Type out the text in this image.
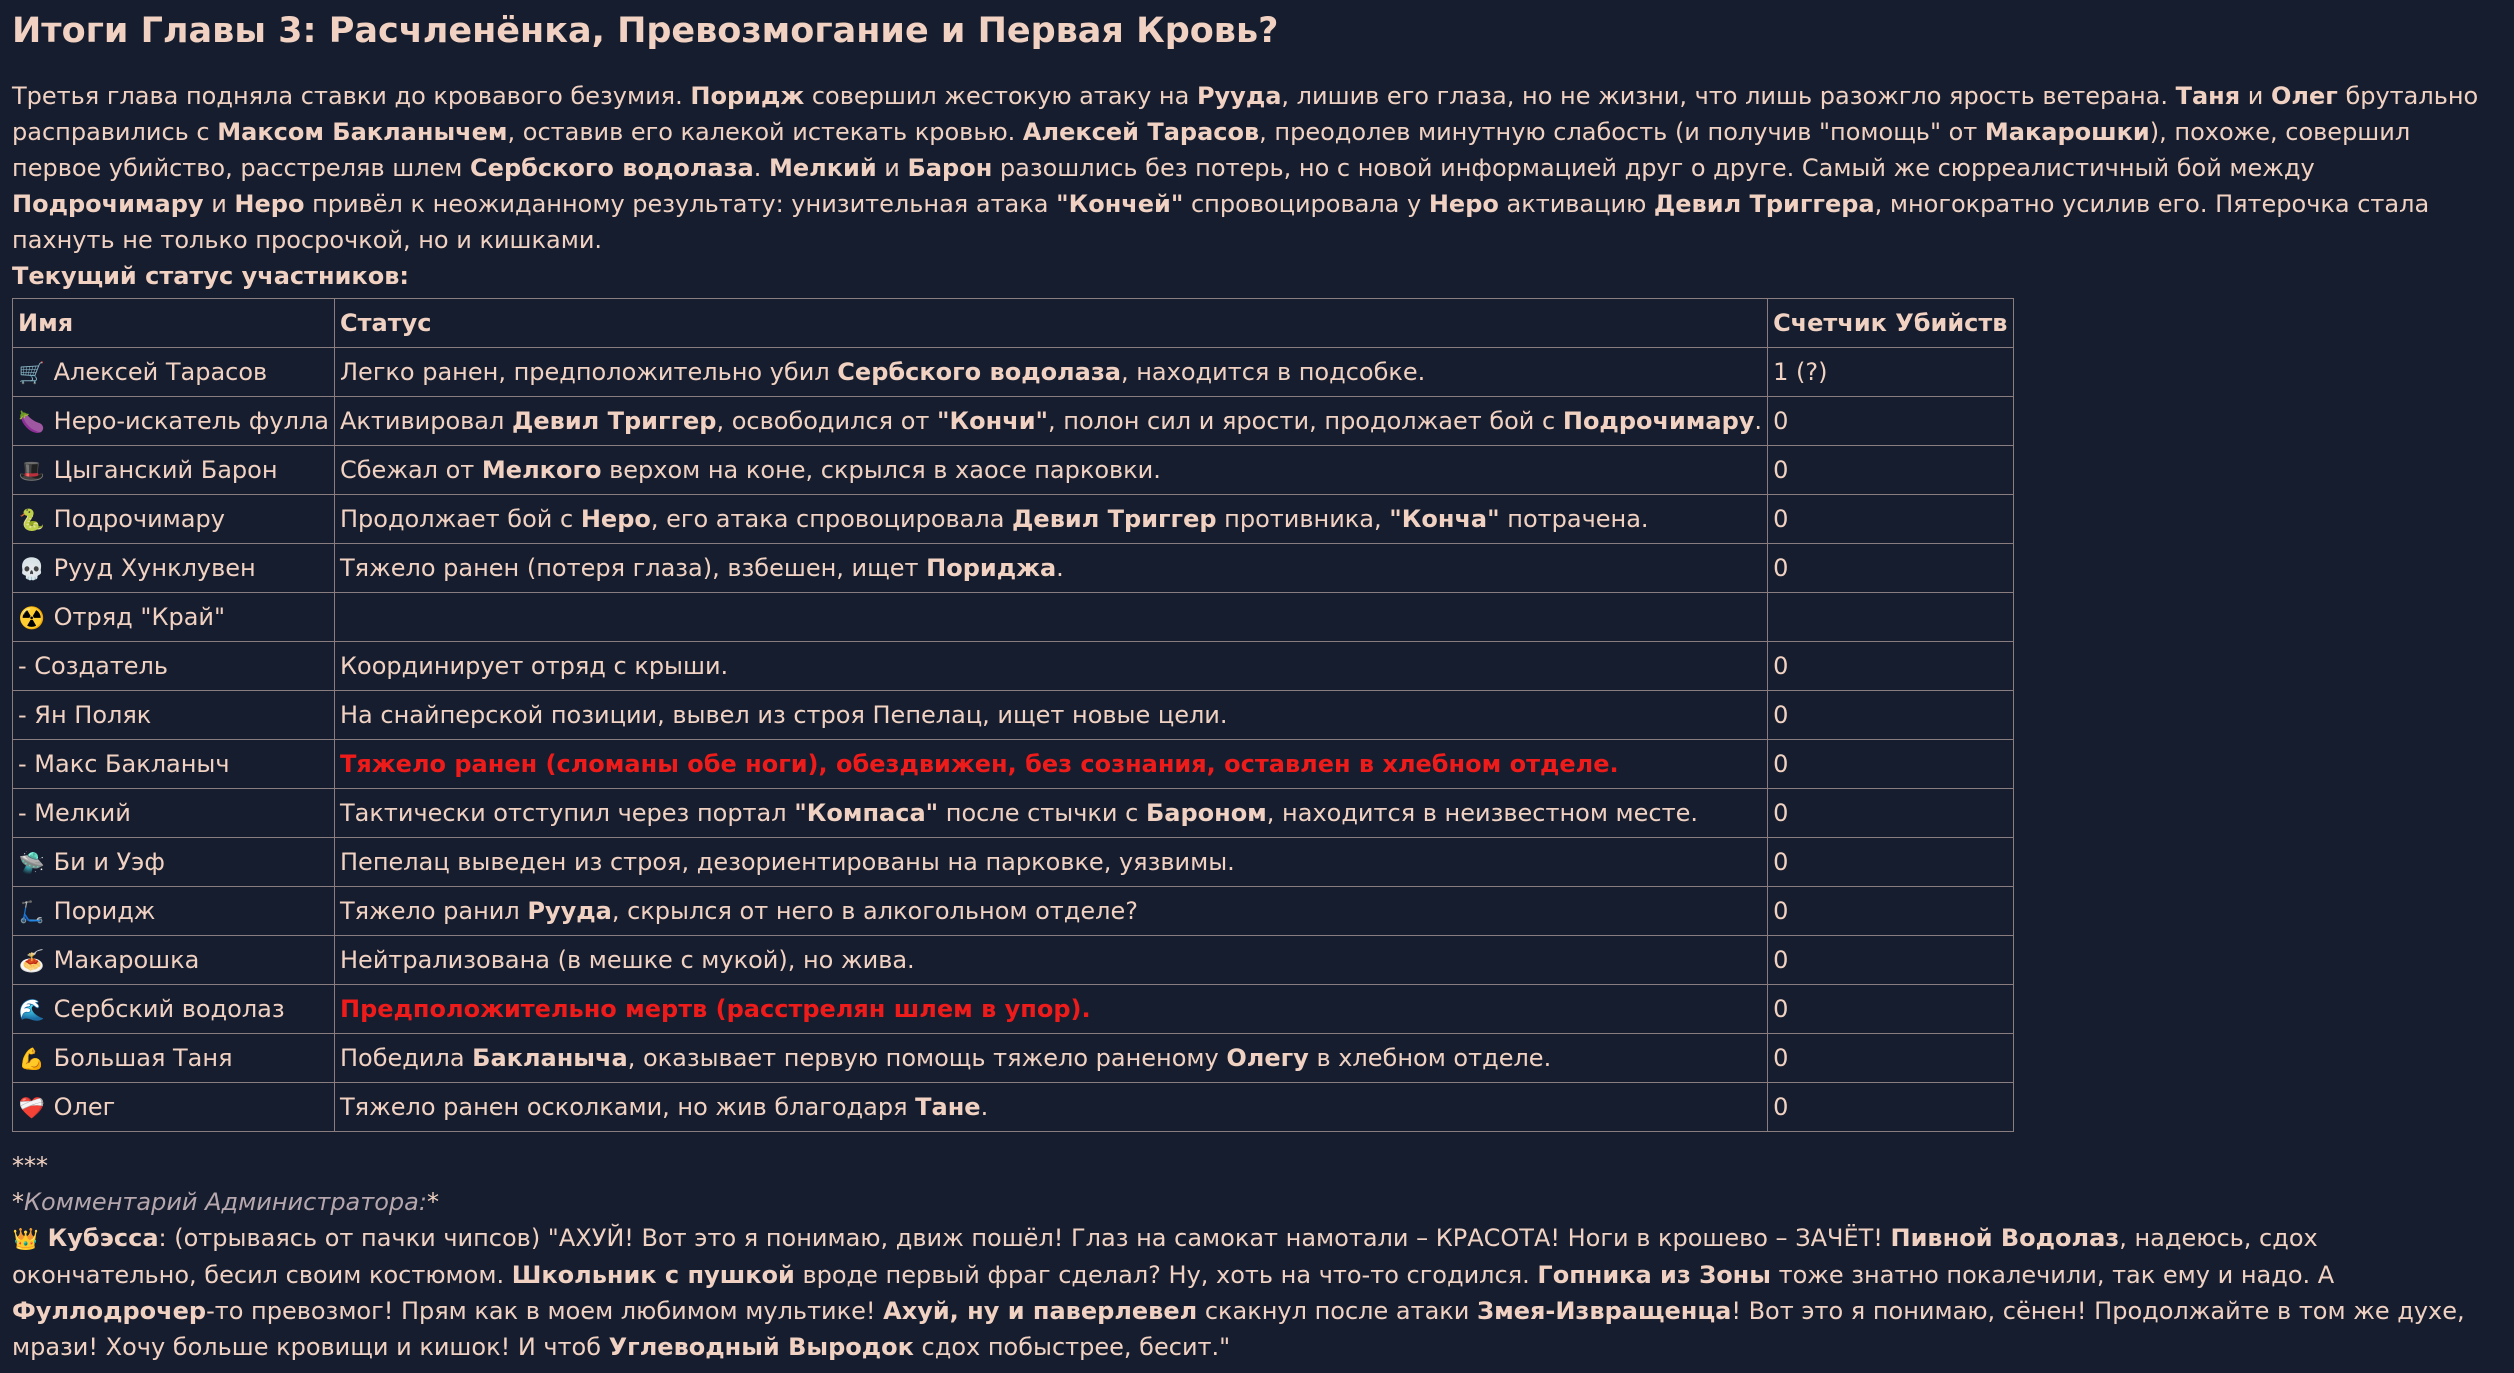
Итоги Главы 3: Расчленёнка, Превозмогание и Первая Кровь?

Третья глава подняла ставки до кровавого безумия. Поридж совершил жестокую атаку на Рууда, лишив его глаза, но не жизни, что лишь разожгло ярость ветерана. Таня и Олег брутально расправились с Максом Бакланычем, оставив его калекой истекать кровью. Алексей Тарасов, преодолев минутную слабость (и получив "помощь" от Макарошки), похоже, совершил первое убийство, расстреляв шлем Сербского водолаза. Мелкий и Барон разошлись без потерь, но с новой информацией друг о друге. Самый же сюрреалистичный бой между Подрочимару и Неро привёл к неожиданному результату: унизительная атака "Кончей" спровоцировала у Неро активацию Девил Триггера, многократно усилив его. Пятерочка стала пахнуть не только просрочкой, но и кишками.

Текущий статус участников:

Имя	Статус	Счетчик Убийств
🛒 Алексей Тарасов	Легко ранен, предположительно убил Сербского водолаза, находится в подсобке.	1 (?)
🍆 Неро-искатель фулла	Активировал Девил Триггер, освободился от "Кончи", полон сил и ярости, продолжает бой с Подрочимару.	0
🎩 Цыганский Барон	Сбежал от Мелкого верхом на коне, скрылся в хаосе парковки.	0
🐍 Подрочимару	Продолжает бой с Неро, его атака спровоцировала Девил Триггер противника, "Конча" потрачена.	0
💀 Рууд Хунклувен	Тяжело ранен (потеря глаза), взбешен, ищет Пориджа.	0
☢️ Отряд "Край"		
- Создатель	Координирует отряд с крыши.	0
- Ян Поляк	На снайперской позиции, вывел из строя Пепелац, ищет новые цели.	0
- Макс Бакланыч	Тяжело ранен (сломаны обе ноги), обездвижен, без сознания, оставлен в хлебном отделе.	0
- Мелкий	Тактически отступил через портал "Компаса" после стычки с Бароном, находится в неизвестном месте.	0
🛸 Би и Уэф	Пепелац выведен из строя, дезориентированы на парковке, уязвимы.	0
🛴 Поридж	Тяжело ранил Рууда, скрылся от него в алкогольном отделе?	0
🍝 Макарошка	Нейтрализована (в мешке с мукой), но жива.	0
🌊 Сербский водолаз	Предположительно мертв (расстрелян шлем в упор).	0
💪 Большая Таня	Победила Бакланыча, оказывает первую помощь тяжело раненому Олегу в хлебном отделе.	0
❤️‍🩹 Олег	Тяжело ранен осколками, но жив благодаря Тане.	0

***

*Комментарий Администратора:*

👑 Кубэсса: (отрываясь от пачки чипсов) "АХУЙ! Вот это я понимаю, движ пошёл! Глаз на самокат намотали – КРАСОТА! Ноги в крошево – ЗАЧЁТ! Пивной Водолаз, надеюсь, сдох окончательно, бесил своим костюмом. Школьник с пушкой вроде первый фраг сделал? Ну, хоть на что-то сгодился. Гопника из Зоны тоже знатно покалечили, так ему и надо. А Фуллодрочер-то превозмог! Прям как в моем любимом мультике! Ахуй, ну и паверлевел скакнул после атаки Змея-Извращенца! Вот это я понимаю, сёнен! Продолжайте в том же духе, мрази! Хочу больше кровищи и кишок! И чтоб Углеводный Выродок сдох побыстрее, бесит."
